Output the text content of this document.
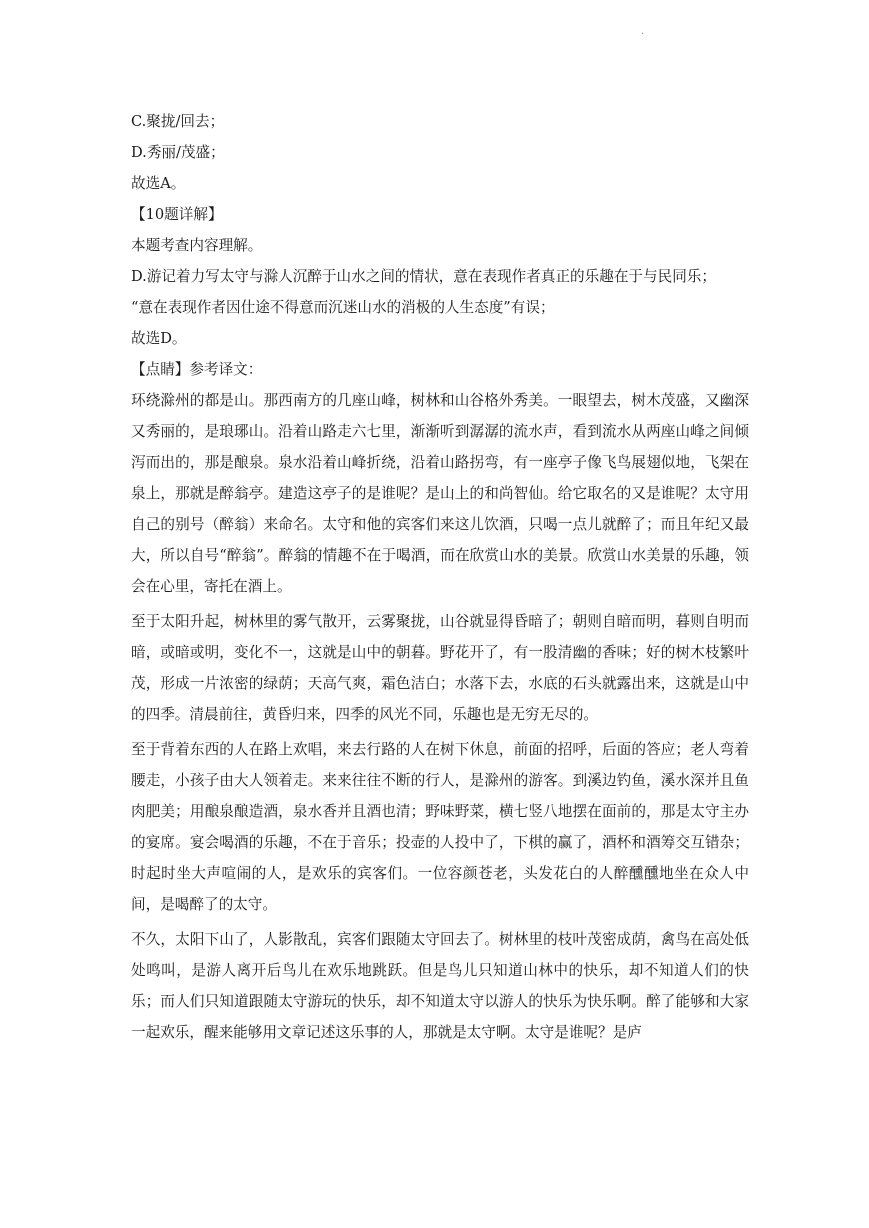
·

C.聚拢/回去；

D.秀丽/茂盛；

故选A。

【10题详解】

本题考查内容理解。

D.游记着力写太守与滁人沉醉于山水之间的情状，意在表现作者真正的乐趣在于与民同乐；

“意在表现作者因仕途不得意而沉迷山水的消极的人生态度”有误；

故选D。

【点睛】参考译文：

环绕滁州的都是山。那西南方的几座山峰，树林和山谷格外秀美。一眼望去，树木茂盛，又幽深又秀丽的，是琅琊山。沿着山路走六七里，渐渐听到潺潺的流水声，看到流水从两座山峰之间倾泻而出的，那是酿泉。泉水沿着山峰折绕，沿着山路拐弯，有一座亭子像飞鸟展翅似地，飞架在泉上，那就是醉翁亭。建造这亭子的是谁呢？是山上的和尚智仙。给它取名的又是谁呢？太守用自己的别号（醉翁）来命名。太守和他的宾客们来这儿饮酒，只喝一点儿就醉了；而且年纪又最大，所以自号“醉翁”。醉翁的情趣不在于喝酒，而在欣赏山水的美景。欣赏山水美景的乐趣，领会在心里，寄托在酒上。

至于太阳升起，树林里的雾气散开，云雾聚拢，山谷就显得昏暗了；朝则自暗而明，暮则自明而暗，或暗或明，变化不一，这就是山中的朝暮。野花开了，有一股清幽的香味；好的树木枝繁叶茂，形成一片浓密的绿荫；天高气爽，霜色洁白；水落下去，水底的石头就露出来，这就是山中的四季。清晨前往，黄昏归来，四季的风光不同，乐趣也是无穷无尽的。

至于背着东西的人在路上欢唱，来去行路的人在树下休息，前面的招呼，后面的答应；老人弯着腰走，小孩子由大人领着走。来来往往不断的行人，是滁州的游客。到溪边钓鱼，溪水深并且鱼肉肥美；用酿泉酿造酒，泉水香并且酒也清；野味野菜，横七竖八地摆在面前的，那是太守主办的宴席。宴会喝酒的乐趣，不在于音乐；投壶的人投中了，下棋的赢了，酒杯和酒筹交互错杂；时起时坐大声喧闹的人，是欢乐的宾客们。一位容颜苍老，头发花白的人醉醺醺地坐在众人中间，是喝醉了的太守。

不久，太阳下山了，人影散乱，宾客们跟随太守回去了。树林里的枝叶茂密成荫，禽鸟在高处低处鸣叫，是游人离开后鸟儿在欢乐地跳跃。但是鸟儿只知道山林中的快乐，却不知道人们的快乐；而人们只知道跟随太守游玩的快乐，却不知道太守以游人的快乐为快乐啊。醉了能够和大家一起欢乐，醒来能够用文章记述这乐事的人，那就是太守啊。太守是谁呢？是庐
